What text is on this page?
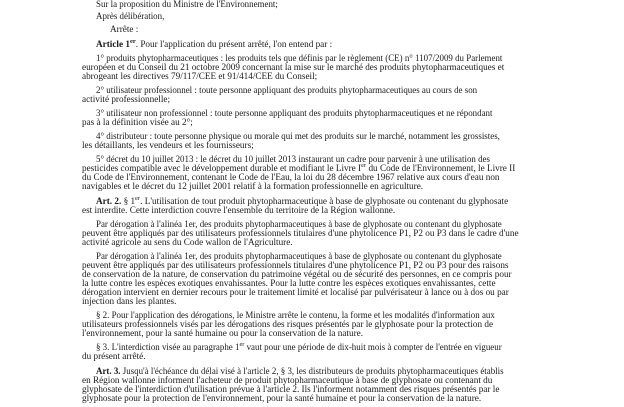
Sur la proposition du Ministre de l'Environnement;

Après délibération,

Arrête :

Article 1er. Pour l'application du présent arrêté, l'on entend par :

1° produits phytopharmaceutiques : les produits tels que définis par le règlement (CE) n° 1107/2009 du Parlement

européen et du Conseil du 21 octobre 2009 concernant la mise sur le marché des produits phytopharmaceutiques et

abrogeant les directives 79/117/CEE et 91/414/CEE du Conseil;

2° utilisateur professionnel : toute personne appliquant des produits phytopharmaceutiques au cours de son

activité professionnelle;

3° utilisateur non professionnel : toute personne appliquant des produits phytopharmaceutiques et ne répondant

pas à la définition visée au 2°;

4° distributeur : toute personne physique ou morale qui met des produits sur le marché, notamment les grossistes,

les détaillants, les vendeurs et les fournisseurs;

5° décret du 10 juillet 2013 : le décret du 10 juillet 2013 instaurant un cadre pour parvenir à une utilisation des

pesticides compatible avec le développement durable et modifiant le Livre Ier du Code de l'Environnement, le Livre II

du Code de l'Environnement, contenant le Code de l'Eau, la loi du 28 décembre 1967 relative aux cours d'eau non

navigables et le décret du 12 juillet 2001 relatif à la formation professionnelle en agriculture.

Art. 2. § 1er. L'utilisation de tout produit phytopharmaceutique à base de glyphosate ou contenant du glyphosate

est interdite. Cette interdiction couvre l'ensemble du territoire de la Région wallonne.

Par dérogation à l'alinéa 1er, des produits phytopharmaceutiques à base de glyphosate ou contenant du glyphosate

peuvent être appliqués par des utilisateurs professionnels titulaires d'une phytolicence P1, P2 ou P3 dans le cadre d'une

activité agricole au sens du Code wallon de l'Agriculture.

Par dérogation à l'alinéa 1er, des produits phytopharmaceutiques à base de glyphosate ou contenant du glyphosate

peuvent être appliqués par des utilisateurs professionnels titulaires d'une phytolicence P1, P2 ou P3 pour des raisons

de conservation de la nature, de conservation du patrimoine végétal ou de sécurité des personnes, en ce compris pour

la lutte contre les espèces exotiques envahissantes. Pour la lutte contre les espèces exotiques envahissantes, cette

dérogation intervient en dernier recours pour le traitement limité et localisé par pulvérisateur à lance ou à dos ou par

injection dans les plantes.

§ 2. Pour l'application des dérogations, le Ministre arrête le contenu, la forme et les modalités d'information aux

utilisateurs professionnels visés par les dérogations des risques présentés par le glyphosate pour la protection de

l'environnement, pour la santé humaine ou pour la conservation de la nature.

§ 3. L'interdiction visée au paragraphe 1er vaut pour une période de dix-huit mois à compter de l'entrée en vigueur

du présent arrêté.

Art. 3. Jusqu'à l'échéance du délai visé à l'article 2, § 3, les distributeurs de produits phytopharmaceutiques établis

en Région wallonne informent l'acheteur de produit phytopharmaceutique à base de glyphosate ou contenant du

glyphosate de l'interdiction d'utilisation prévue à l'article 2. Ils l'informent notamment des risques présentés par le

glyphosate pour la protection de l'environnement, pour la santé humaine et pour la conservation de la nature.
